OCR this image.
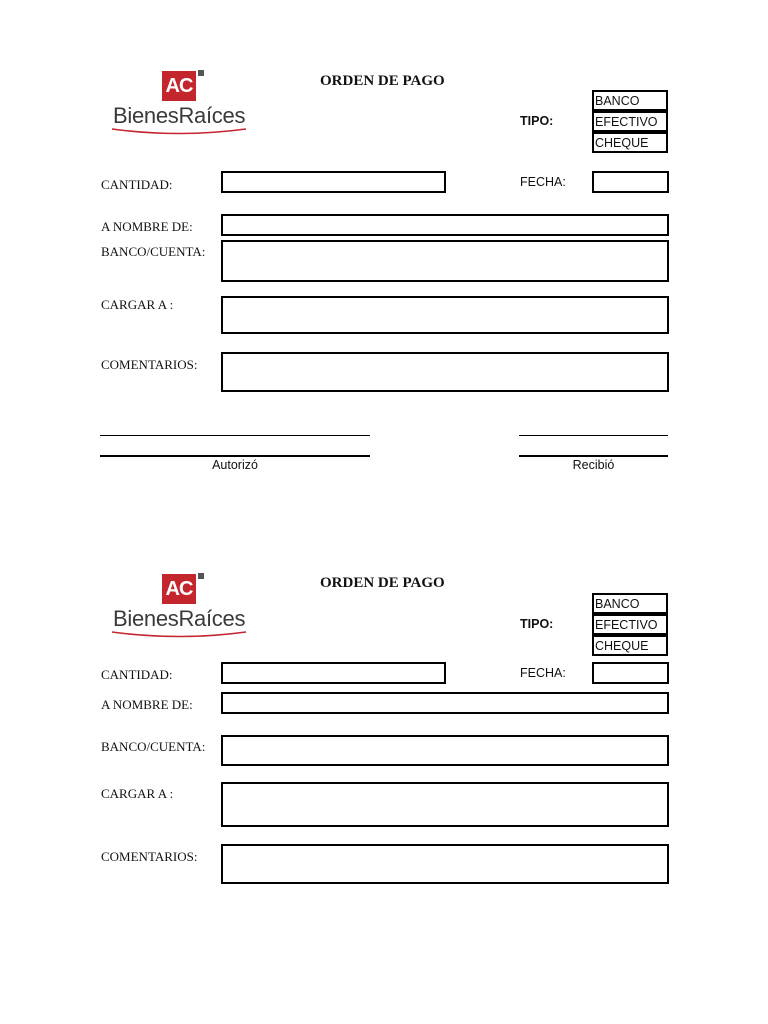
AC
BienesRaíces
ORDEN DE PAGO
TIPO:
BANCO
EFECTIVO
CHEQUE
CANTIDAD:	FECHA:
A NOMBRE DE:
BANCO/CUENTA:
CARGAR A :
COMENTARIOS:
Autorizó	Recibió
AC
BienesRaíces
ORDEN DE PAGO
TIPO:
BANCO
EFECTIVO
CHEQUE
CANTIDAD:	FECHA:
A NOMBRE DE:
BANCO/CUENTA:
CARGAR A :
COMENTARIOS:
